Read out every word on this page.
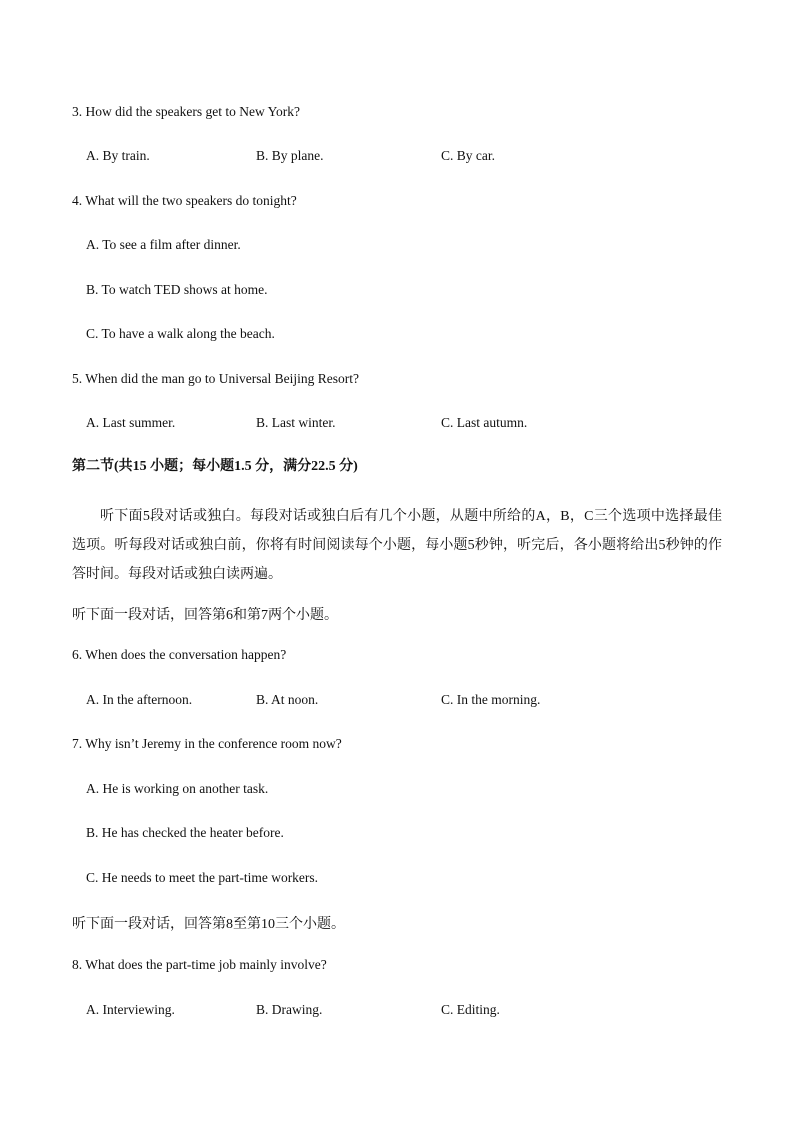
3. How did the speakers get to New York?
A. By train.	B. By plane.	C. By car.
4. What will the two speakers do tonight?
A. To see a film after dinner.
B. To watch TED shows at home.
C. To have a walk along the beach.
5. When did the man go to Universal Beijing Resort?
A. Last summer.	B. Last winter.	C. Last autumn.
第二节(共15 小题；每小题1.5 分，满分22.5 分)
听下面5段对话或独白。每段对话或独白后有几个小题，从题中所给的A，B，C三个选项中选择最佳选项。听每段对话或独白前，你将有时间阅读每个小题，每小题5秒钟，听完后，各小题将给出5秒钟的作答时间。每段对话或独白读两遍。
听下面一段对话，回答第6和第7两个小题。
6. When does the conversation happen?
A. In the afternoon.	B. At noon.	C. In the morning.
7. Why isn’t Jeremy in the conference room now?
A. He is working on another task.
B. He has checked the heater before.
C. He needs to meet the part-time workers.
听下面一段对话，回答第8至第10三个小题。
8. What does the part-time job mainly involve?
A. Interviewing.	B. Drawing.	C. Editing.
